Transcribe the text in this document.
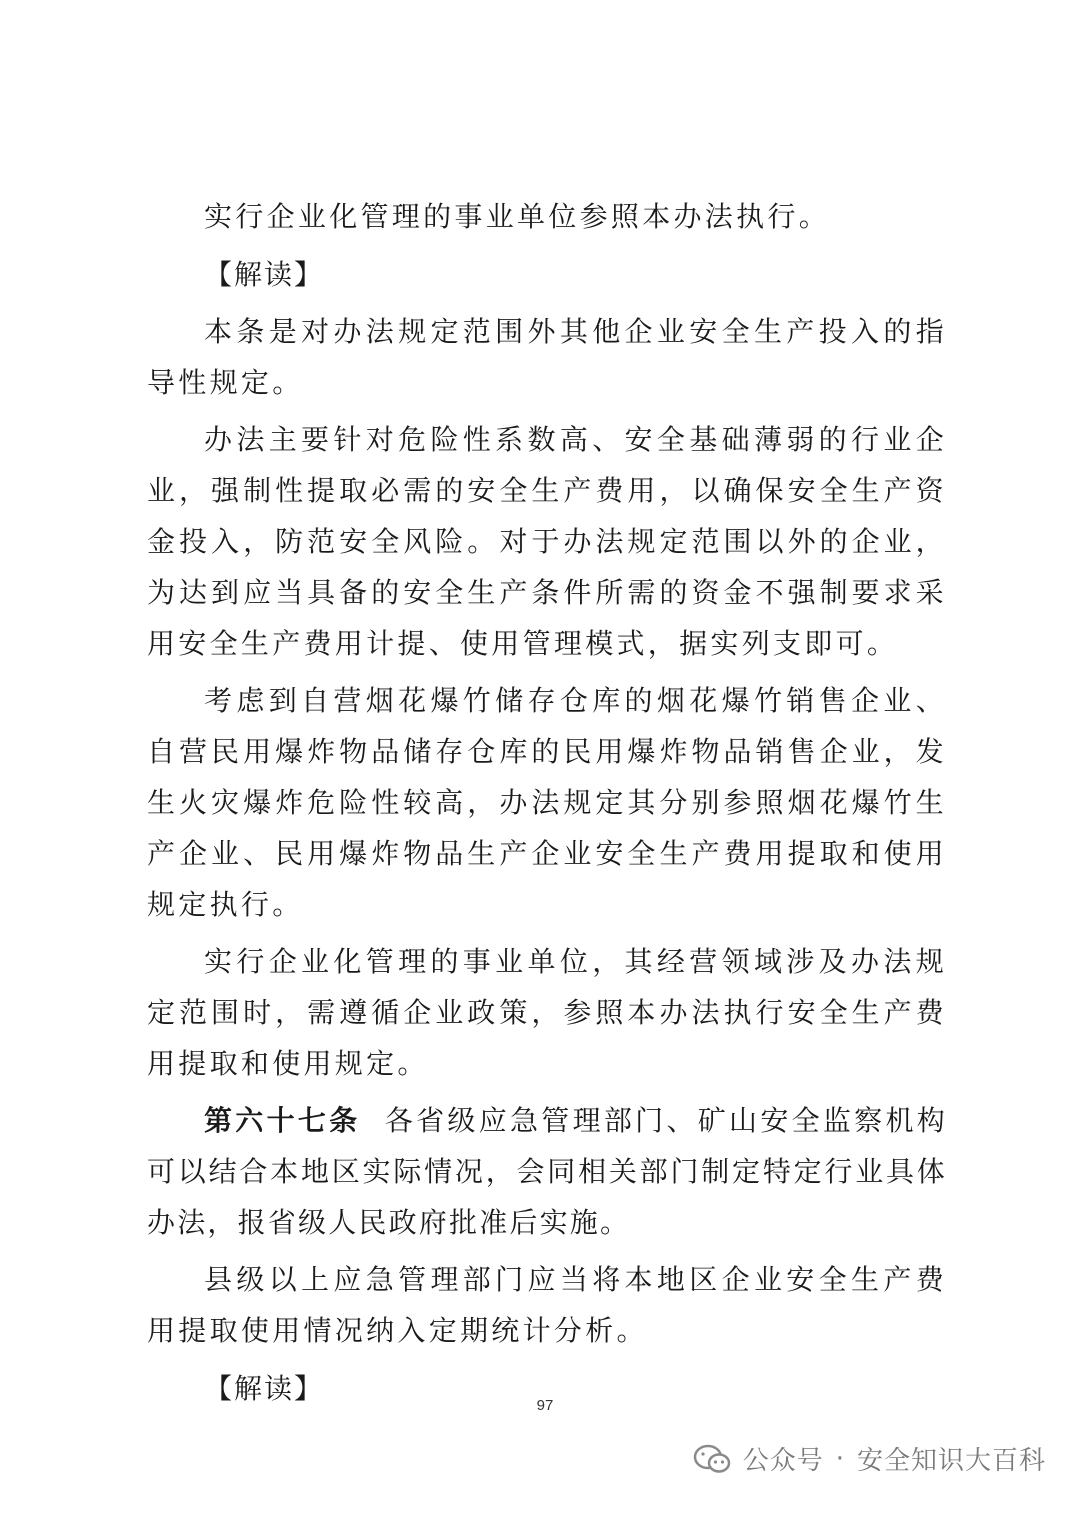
实行企业化管理的事业单位参照本办法执行。

【解读】

本条是对办法规定范围外其他企业安全生产投入的指导性规定。

办法主要针对危险性系数高、安全基础薄弱的行业企业，强制性提取必需的安全生产费用，以确保安全生产资金投入，防范安全风险。对于办法规定范围以外的企业，为达到应当具备的安全生产条件所需的资金不强制要求采用安全生产费用计提、使用管理模式，据实列支即可。

考虑到自营烟花爆竹储存仓库的烟花爆竹销售企业、自营民用爆炸物品储存仓库的民用爆炸物品销售企业，发生火灾爆炸危险性较高，办法规定其分别参照烟花爆竹生产企业、民用爆炸物品生产企业安全生产费用提取和使用规定执行。

实行企业化管理的事业单位，其经营领域涉及办法规定范围时，需遵循企业政策，参照本办法执行安全生产费用提取和使用规定。

第六十七条 各省级应急管理部门、矿山安全监察机构可以结合本地区实际情况，会同相关部门制定特定行业具体办法，报省级人民政府批准后实施。

县级以上应急管理部门应当将本地区企业安全生产费用提取使用情况纳入定期统计分析。

【解读】

97
公众号 · 安全知识大百科
